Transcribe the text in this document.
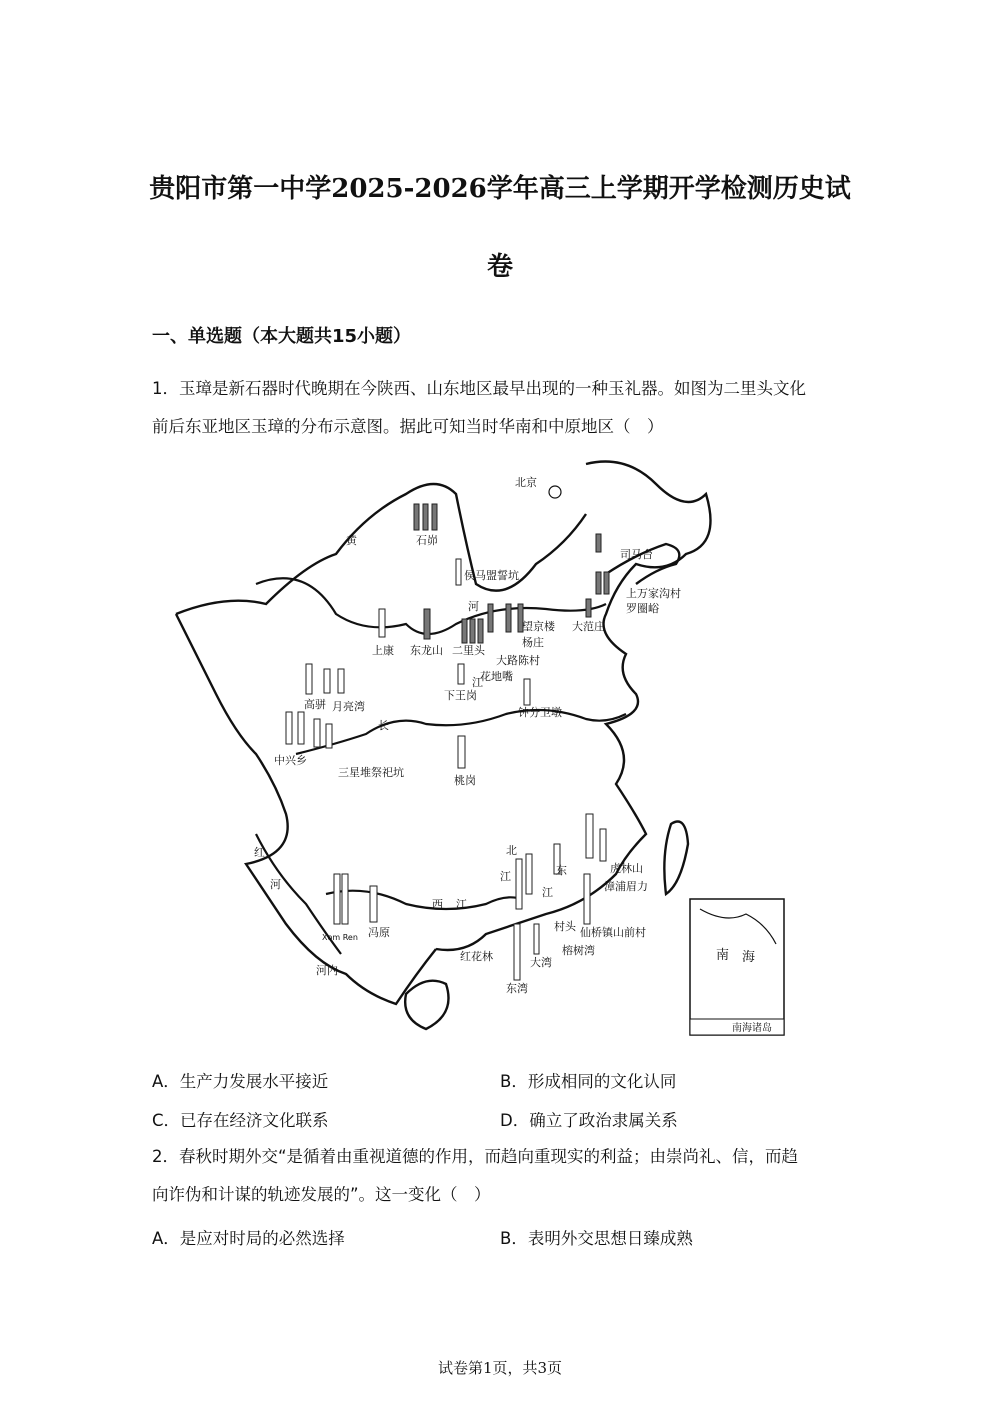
贵阳市第一中学2025-2026学年高三上学期开学检测历史试
卷
一、单选题（本大题共15小题）
1．玉璋是新石器时代晚期在今陕西、山东地区最早出现的一种玉礼器。如图为二里头文化
前后东亚地区玉璋的分布示意图。据此可知当时华南和中原地区（　）
北京
石峁
黄
侯马盟誓坑
河
司马台
上万家沟村
罗圈峪
大范庄
望京楼
杨庄
大路陈村
花地嘴
上康 东龙山 二里头
下王岗
钟分卫墩
江
长
高骈 月亮湾
中兴乡
三星堆祭祀坑
桃岗
红
河
北
江	东
江
西 江
虎林山
漳浦眉力
仙桥镇山前村
村头
榕树湾
大湾
红花林
东湾
Xom Ren 冯原
河内
南 海
南海诸岛
A．生产力发展水平接近	B．形成相同的文化认同
C．已存在经济文化联系	D．确立了政治隶属关系
2．春秋时期外交“是循着由重视道德的作用，而趋向重现实的利益；由崇尚礼、信，而趋
向诈伪和计谋的轨迹发展的”。这一变化（　）
A．是应对时局的必然选择	B．表明外交思想日臻成熟
试卷第1页，共3页
